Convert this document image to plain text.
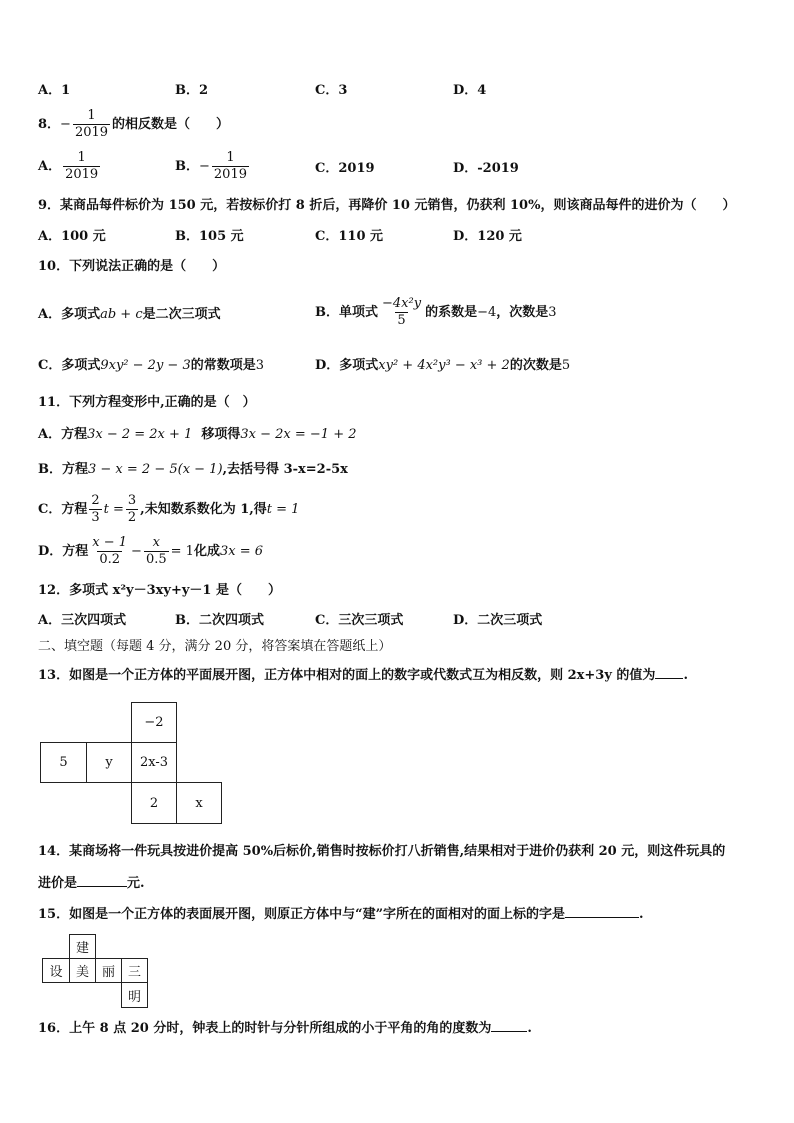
A．1	B．2	C．3	D．4
8．− $\frac{1}{2019}$ 的相反数是（　　）
A． $\frac{1}{2019}$	B．− $\frac{1}{2019}$	C．2019	D．-2019
9．某商品每件标价为 150 元，若按标价打 8 折后，再降价 10 元销售，仍获利 10%，则该商品每件的进价为（　　）
A．100 元	B．105 元	C．110 元	D．120 元
10．下列说法正确的是（　　）
A．多项式ab + c是二次三项式	B．单项式 $\frac{\text{−4x²y}}{5}$ 的系数是−4，次数是3
C．多项式9xy² − 2y − 3的常数项是3	D．多项式xy² + 4x²y³ − x³ + 2的次数是5
11．下列方程变形中,正确的是（　）
A．方程3x − 2 = 2x + 1 移项得3x − 2x = −1 + 2
B．方程3 − x = 2 − 5(x − 1),去括号得 3-x=2-5x
C．方程 $\frac{2}{3}$ $t = \frac{3}{2}$ ,未知数系数化为 1,得t = 1
D．方程 $\frac{x - 1}{0.2} - \frac{x}{0.5} = 1$化成3x = 6
12．多项式 x²y－3xy+y－1 是（　　）
A．三次四项式	B．二次四项式	C．三次三项式	D．二次三项式
二、填空题（每题 4 分，满分 20 分，将答案填在答题纸上）
13．如图是一个正方体的平面展开图，正方体中相对的面上的数字或代数式互为相反数，则 2x+3y 的值为 .
−2
5	y	2x-3
2	x
14．某商场将一件玩具按进价提高 50%后标价,销售时按标价打八折销售,结果相对于进价仍获利 20 元，则这件玩具的
进价是	元.
15．如图是一个正方体的表面展开图，则原正方体中与“建”字所在的面相对的面上标的字是	.
建
设	美 丽 三
明
16．上午 8 点 20 分时，钟表上的时针与分针所组成的小于平角的角的度数为	.
